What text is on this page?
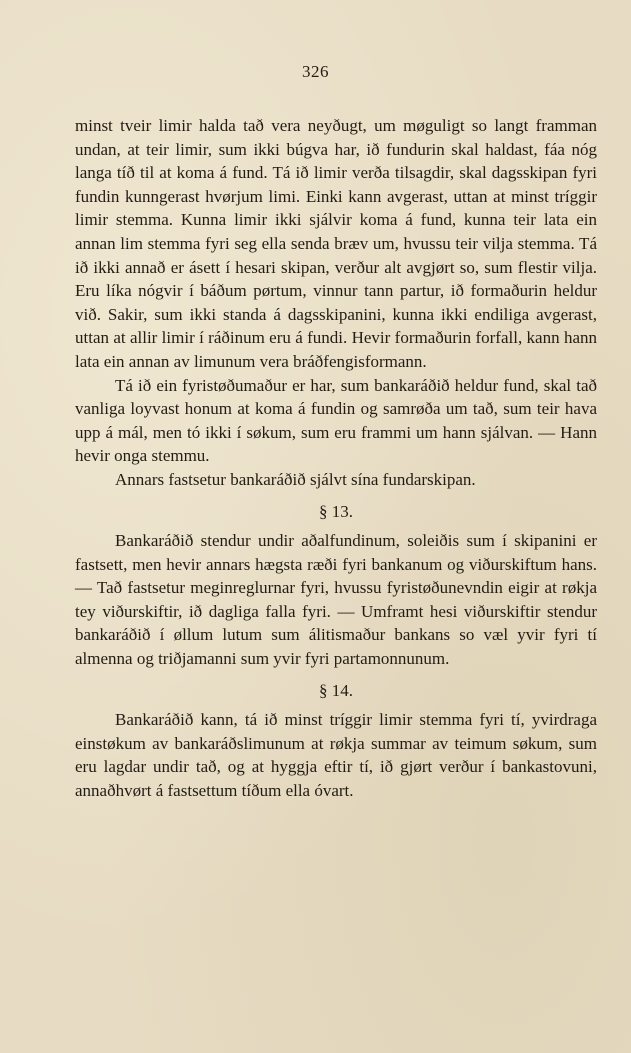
326

minst tveir limir halda tað vera neyðugt, um møguligt so langt framman undan, at teir limir, sum ikki búgva har, ið fundurin skal haldast, fáa nóg langa tíð til at koma á fund. Tá ið limir verða tilsagdir, skal dagsskipan fyri fundin kunngerast hvørjum limi. Einki kann avgerast, uttan at minst tríggir limir stemma. Kunna limir ikki sjálvir koma á fund, kunna teir lata ein annan lim stemma fyri seg ella senda bræv um, hvussu teir vilja stemma. Tá ið ikki annað er ásett í hesari skipan, verður alt avgjørt so, sum flestir vilja. Eru líka nógvir í báðum pørtum, vinnur tann partur, ið formaðurin heldur við. Sakir, sum ikki standa á dagsskipanini, kunna ikki endiliga avgerast, uttan at allir limir í ráðinum eru á fundi. Hevir formaðurin forfall, kann hann lata ein annan av limunum vera bráðfengisformann.

Tá ið ein fyristøðumaður er har, sum bankaráðið heldur fund, skal tað vanliga loyvast honum at koma á fundin og samrøða um tað, sum teir hava upp á mál, men tó ikki í søkum, sum eru frammi um hann sjálvan. — Hann hevir onga stemmu.

Annars fastsetur bankaráðið sjálvt sína fundarskipan.

§ 13.

Bankaráðið stendur undir aðalfundinum, soleiðis sum í skipanini er fastsett, men hevir annars hægsta ræði fyri bankanum og viðurskiftum hans. — Tað fastsetur meginreglurnar fyri, hvussu fyristøðunevndin eigir at røkja tey viðurskiftir, ið dagliga falla fyri. — Umframt hesi viðurskiftir stendur bankaráðið í øllum lutum sum álitismaður bankans so væl yvir fyri tí almenna og triðjamanni sum yvir fyri partamonnunum.

§ 14.

Bankaráðið kann, tá ið minst tríggir limir stemma fyri tí, yvirdraga einstøkum av bankaráðslimunum at røkja summar av teimum søkum, sum eru lagdar undir tað, og at hyggja eftir tí, ið gjørt verður í bankastovuni, annaðhvørt á fastsettum tíðum ella óvart.
